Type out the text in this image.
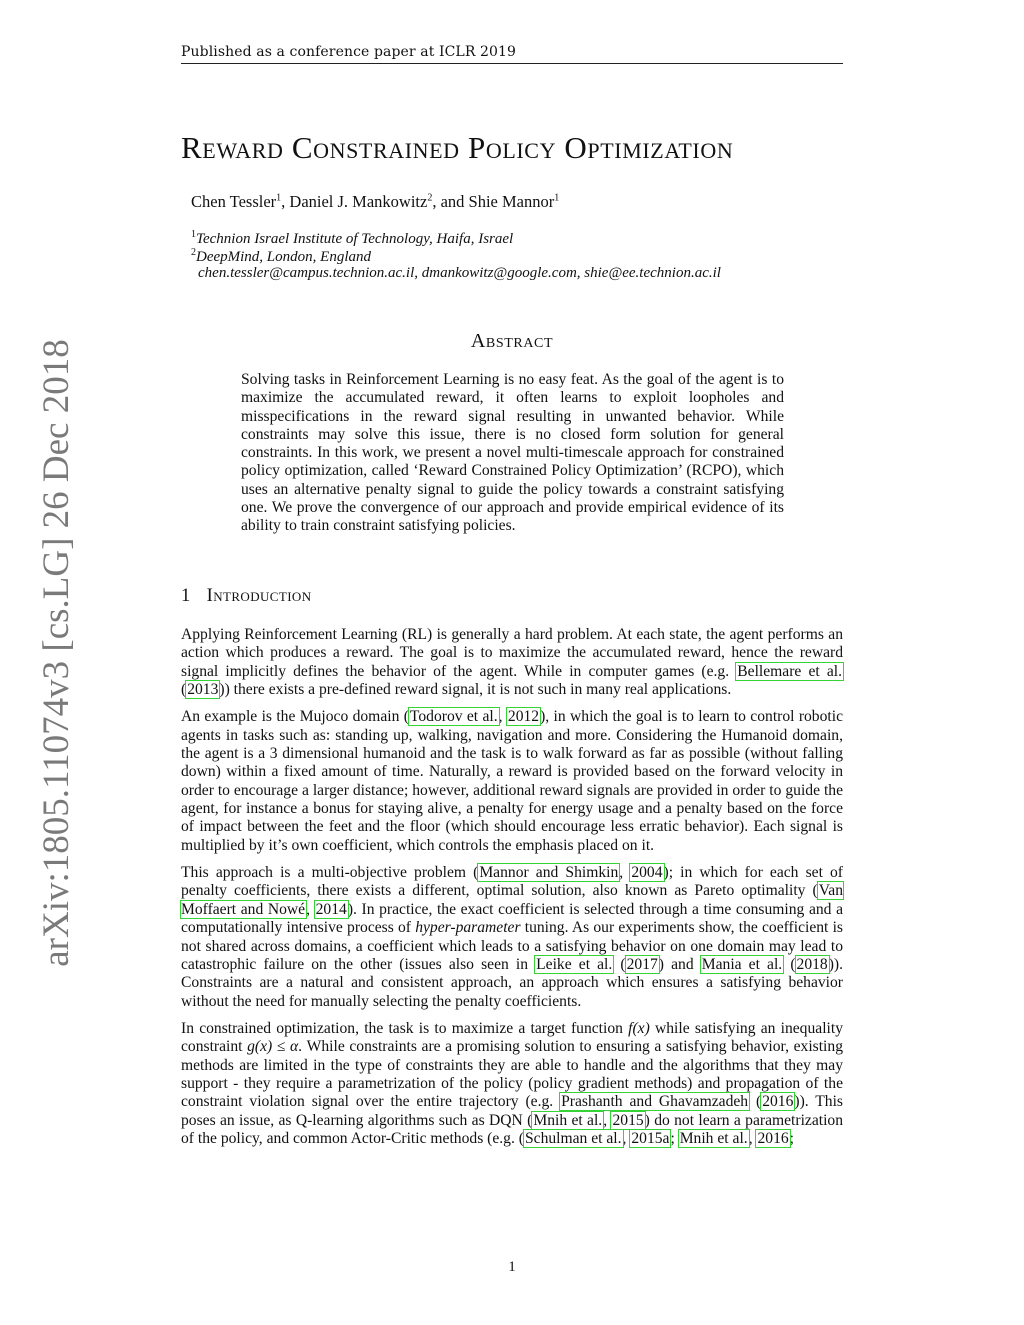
Published as a conference paper at ICLR 2019
arXiv:1805.11074v3 [cs.LG] 26 Dec 2018
Reward Constrained Policy Optimization
Chen Tessler$^1$, Daniel J. Mankowitz$^2$, and Shie Mannor$^1$
$^1$Technion Israel Institute of Technology, Haifa, Israel
$^2$DeepMind, London, England
chen.tessler@campus.technion.ac.il, dmankowitz@google.com, shie@ee.technion.ac.il
Abstract
Solving tasks in Reinforcement Learning is no easy feat. As the goal of the agent is to maximize the accumulated reward, it often learns to exploit loopholes and misspecifications in the reward signal resulting in unwanted behavior. While constraints may solve this issue, there is no closed form solution for general constraints. In this work, we present a novel multi-timescale approach for constrained policy optimization, called ‘Reward Constrained Policy Optimization’ (RCPO), which uses an alternative penalty signal to guide the policy towards a constraint satisfying one. We prove the convergence of our approach and provide empirical evidence of its ability to train constraint satisfying policies.
1 Introduction

Applying Reinforcement Learning (RL) is generally a hard problem. At each state, the agent performs an action which produces a reward. The goal is to maximize the accumulated reward, hence the reward signal implicitly defines the behavior of the agent. While in computer games (e.g. Bellemare et al. (2013)) there exists a pre-defined reward signal, it is not such in many real applications.

An example is the Mujoco domain (Todorov et al., 2012), in which the goal is to learn to control robotic agents in tasks such as: standing up, walking, navigation and more. Considering the Humanoid domain, the agent is a 3 dimensional humanoid and the task is to walk forward as far as possible (without falling down) within a fixed amount of time. Naturally, a reward is provided based on the forward velocity in order to encourage a larger distance; however, additional reward signals are provided in order to guide the agent, for instance a bonus for staying alive, a penalty for energy usage and a penalty based on the force of impact between the feet and the floor (which should encourage less erratic behavior). Each signal is multiplied by it’s own coefficient, which controls the emphasis placed on it.

This approach is a multi-objective problem (Mannor and Shimkin, 2004); in which for each set of penalty coefficients, there exists a different, optimal solution, also known as Pareto optimality (Van Moffaert and Nowé, 2014). In practice, the exact coefficient is selected through a time consuming and a computationally intensive process of hyper-parameter tuning. As our experiments show, the coefficient is not shared across domains, a coefficient which leads to a satisfying behavior on one domain may lead to catastrophic failure on the other (issues also seen in Leike et al. (2017) and Mania et al. (2018)). Constraints are a natural and consistent approach, an approach which ensures a satisfying behavior without the need for manually selecting the penalty coefficients.

In constrained optimization, the task is to maximize a target function f(x) while satisfying an inequality constraint g(x) ≤ α. While constraints are a promising solution to ensuring a satisfying behavior, existing methods are limited in the type of constraints they are able to handle and the algorithms that they may support - they require a parametrization of the policy (policy gradient methods) and propagation of the constraint violation signal over the entire trajectory (e.g. Prashanth and Ghavamzadeh (2016)). This poses an issue, as Q-learning algorithms such as DQN (Mnih et al., 2015) do not learn a parametrization of the policy, and common Actor-Critic methods (e.g. (Schulman et al., 2015a; Mnih et al., 2016;

1
